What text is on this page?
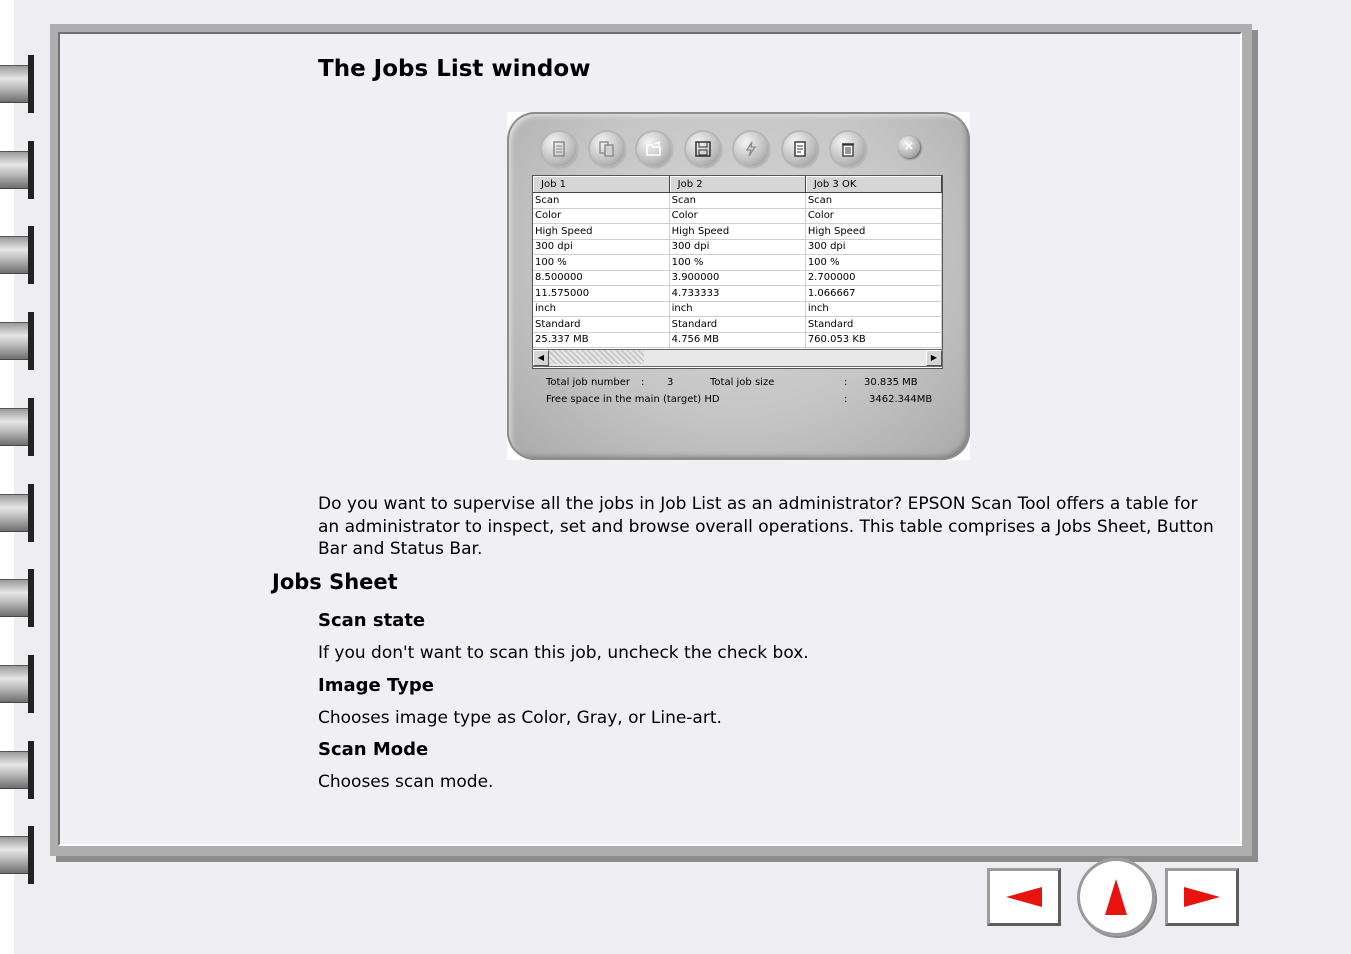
The Jobs List window
×
Job 1	Job 2	Job 3 OK
Scan	Scan	Scan
Color	Color	Color
High Speed	High Speed	High Speed
300 dpi	300 dpi	300 dpi
100 %	100 %	100 %
8.500000	3.900000	2.700000
11.575000	4.733333	1.066667
inch	inch	inch
Standard	Standard	Standard
25.337 MB	4.756 MB	760.053 KB

◀	▶
Total job number : 3	Total job size	: 30.835 MB
Free space in the main (target) HD	: 3462.344MB

Do you want to supervise all the jobs in Job List as an administrator? EPSON Scan Tool offers a table for an administrator to inspect, set and browse overall operations. This table comprises a Jobs Sheet, Button Bar and Status Bar.

Jobs Sheet
Scan state

If you don't want to scan this job, uncheck the check box.

Image Type

Chooses image type as Color, Gray, or Line-art.

Scan Mode

Chooses scan mode.
